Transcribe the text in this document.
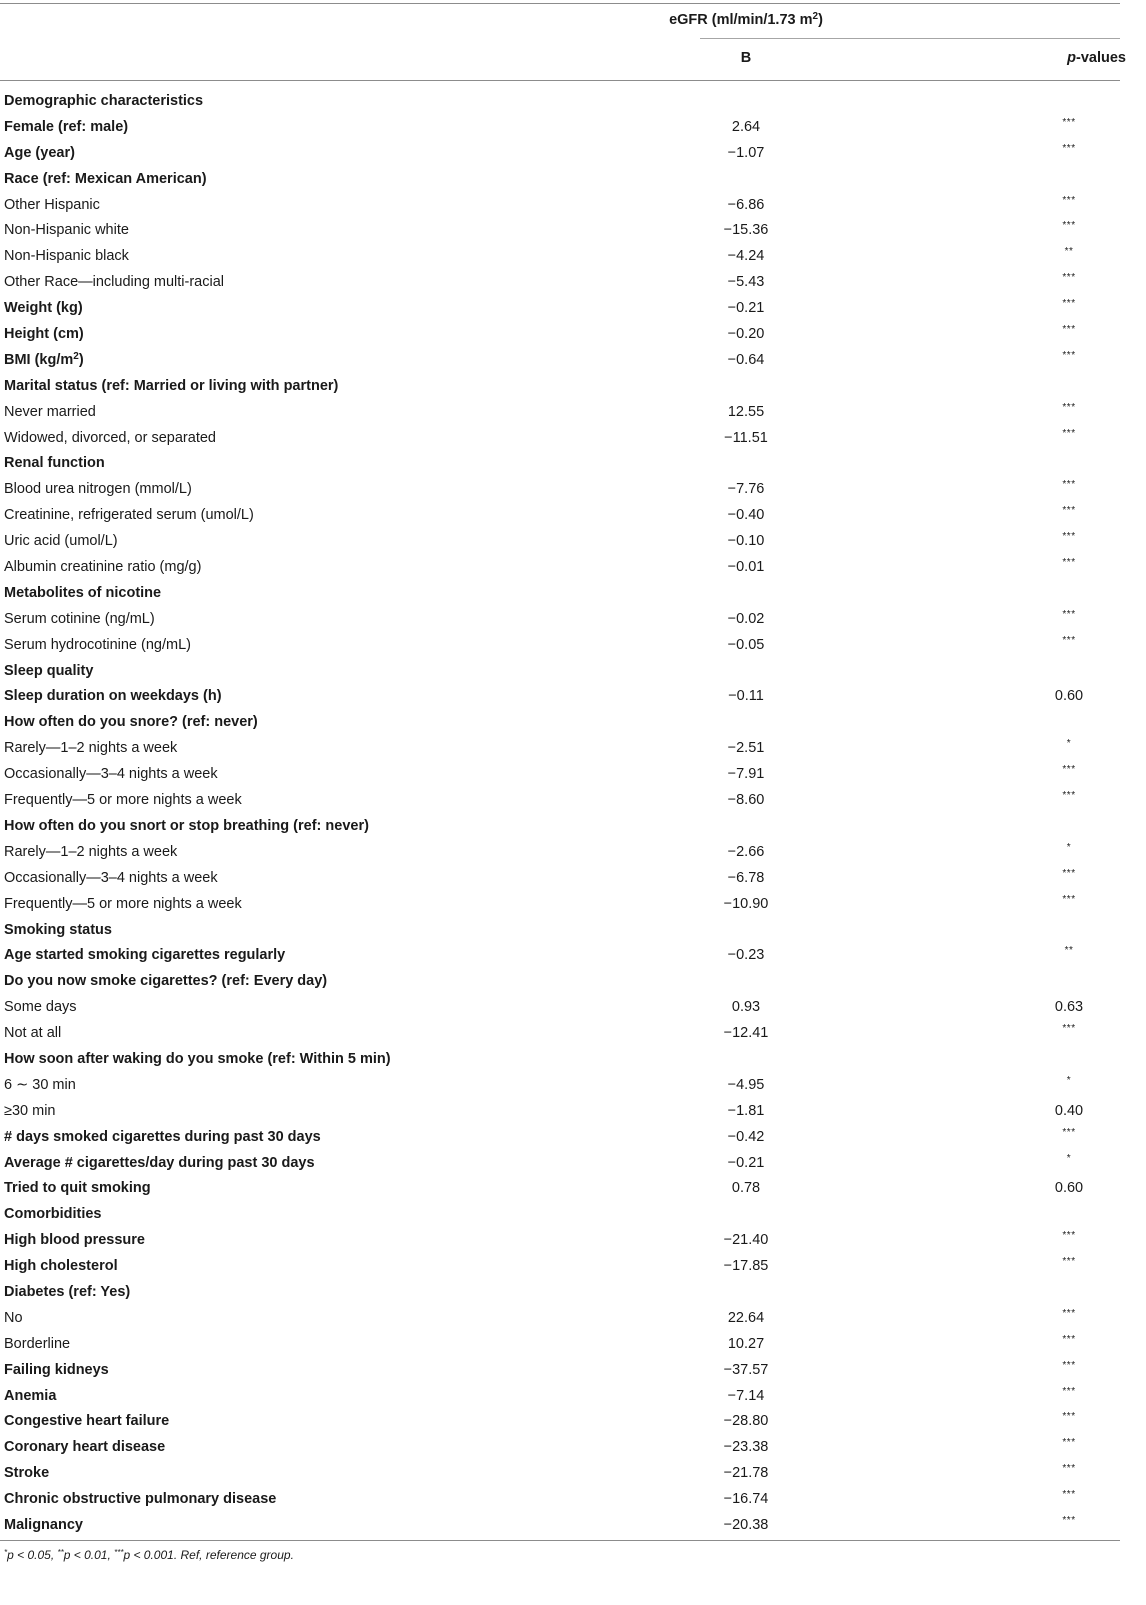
eGFR (ml/min/1.73 $m^2$)
B	p-values
Demographic characteristics
Female (ref: male)	2.64	***
Age (year)	−1.07	***
Race (ref: Mexican American)
Other Hispanic	−6.86	***
Non-Hispanic white	−15.36	***
Non-Hispanic black	−4.24	**
Other Race—including multi-racial	−5.43	***
Weight (kg)	−0.21	***
Height (cm)	−0.20	***
BMI $(kg/m^2)$	−0.64	***
Marital status (ref: Married or living with partner)
Never married	12.55	***
Widowed, divorced, or separated	−11.51	***
Renal function
Blood urea nitrogen (mmol/L)	−7.76	***
Creatinine, refrigerated serum (umol/L)	−0.40	***
Uric acid (umol/L)	−0.10	***
Albumin creatinine ratio (mg/g)	−0.01	***
Metabolites of nicotine
Serum cotinine (ng/mL)	−0.02	***
Serum hydrocotinine (ng/mL)	−0.05	***
Sleep quality
Sleep duration on weekdays (h)	−0.11	0.60
How often do you snore? (ref: never)
Rarely—1–2 nights a week	−2.51	*
Occasionally—3–4 nights a week	−7.91	***
Frequently—5 or more nights a week	−8.60	***
How often do you snort or stop breathing (ref: never)
Rarely—1–2 nights a week	−2.66	*
Occasionally—3–4 nights a week	−6.78	***
Frequently—5 or more nights a week	−10.90	***
Smoking status
Age started smoking cigarettes regularly	−0.23	**
Do you now smoke cigarettes? (ref: Every day)
Some days	0.93	0.63
Not at all	−12.41	***
How soon after waking do you smoke (ref: Within 5 min)
6 ∼ 30 min	−4.95	*
≥30 min	−1.81	0.40
# days smoked cigarettes during past 30 days	−0.42	***
Average # cigarettes/day during past 30 days	−0.21	*
Tried to quit smoking	0.78	0.60
Comorbidities
High blood pressure	−21.40	***
High cholesterol	−17.85	***
Diabetes (ref: Yes)
No	22.64	***
Borderline	10.27	***
Failing kidneys	−37.57	***
Anemia	−7.14	***
Congestive heart failure	−28.80	***
Coronary heart disease	−23.38	***
Stroke	−21.78	***
Chronic obstructive pulmonary disease	−16.74	***
Malignancy	−20.38	***
*p < 0.05, **p < 0.01, ***p < 0.001. Ref, reference group.
